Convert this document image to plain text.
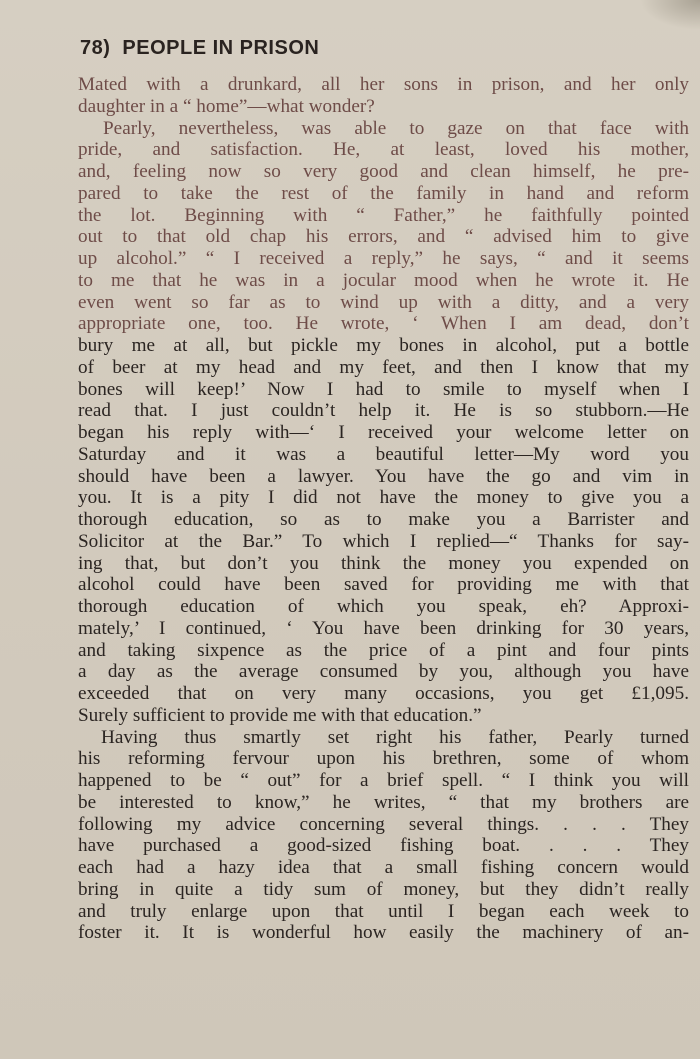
78) PEOPLE IN PRISON
Mated with a drunkard, all her sons in prison, and her only
daughter in a “ home”—what wonder?
Pearly, nevertheless, was able to gaze on that face with
pride, and satisfaction. He, at least, loved his mother,
and, feeling now so very good and clean himself, he pre-
pared to take the rest of the family in hand and reform
the lot. Beginning with “ Father,” he faithfully pointed
out to that old chap his errors, and “ advised him to give
up alcohol.” “ I received a reply,” he says, “ and it seems
to me that he was in a jocular mood when he wrote it. He
even went so far as to wind up with a ditty, and a very
appropriate one, too. He wrote, ‘ When I am dead, don’t
bury me at all, but pickle my bones in alcohol, put a bottle
of beer at my head and my feet, and then I know that my
bones will keep!’ Now I had to smile to myself when I
read that. I just couldn’t help it. He is so stubborn.—He
began his reply with—‘ I received your welcome letter on
Saturday and it was a beautiful letter—My word you
should have been a lawyer. You have the go and vim in
you. It is a pity I did not have the money to give you a
thorough education, so as to make you a Barrister and
Solicitor at the Bar.” To which I replied—“ Thanks for say-
ing that, but don’t you think the money you expended on
alcohol could have been saved for providing me with that
thorough education of which you speak, eh? Approxi-
mately,’ I continued, ‘ You have been drinking for 30 years,
and taking sixpence as the price of a pint and four pints
a day as the average consumed by you, although you have
exceeded that on very many occasions, you get £1,095.
Surely sufficient to provide me with that education.”
Having thus smartly set right his father, Pearly turned
his reforming fervour upon his brethren, some of whom
happened to be “ out” for a brief spell. “ I think you will
be interested to know,” he writes, “ that my brothers are
following my advice concerning several things. . . . They
have purchased a good-sized fishing boat. . . . They
each had a hazy idea that a small fishing concern would
bring in quite a tidy sum of money, but they didn’t really
and truly enlarge upon that until I began each week to
foster it. It is wonderful how easily the machinery of an-
